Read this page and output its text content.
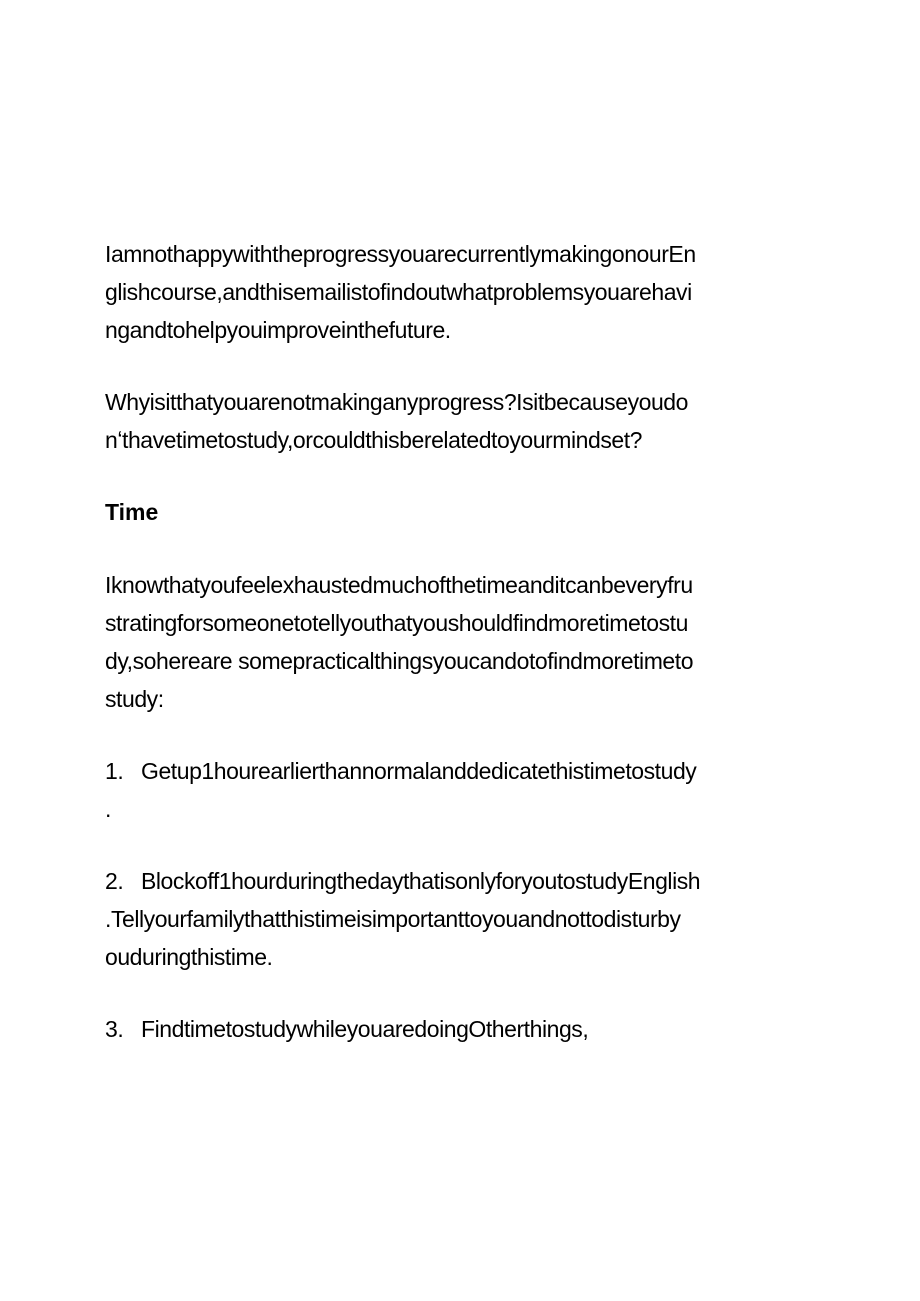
IamnothappywiththeprogressyouarecurrentlymakingonourEn
glishcourse,andthisemailistofindoutwhatproblemsyouarehavi
ngandtohelpyouimproveinthefuture.

Whyisitthatyouarenotmakinganyprogress?Isitbecauseyoudo
nʻthavetimetostudy,orcouldthisberelatedtoyourmindset?

Time

Iknowthatyoufeelexhaustedmuchofthetimeanditcanbeveryfru
stratingforsomeonetotellyouthatyoushouldfindmoretimetostu
dy,sohereare somepracticalthingsyoucandotofindmoretimeto
study:

1. Getup1hourearlierthannormalanddedicatethistimetostudy
.
2. Blockoff1hourduringthedaythatisonlyforyoutostudyEnglish
.Tellyourfamilythatthistimeisimportanttoyouandnottodisturby
ouduringthistime.
3. FindtimetostudywhileyouaredoingOtherthings,
